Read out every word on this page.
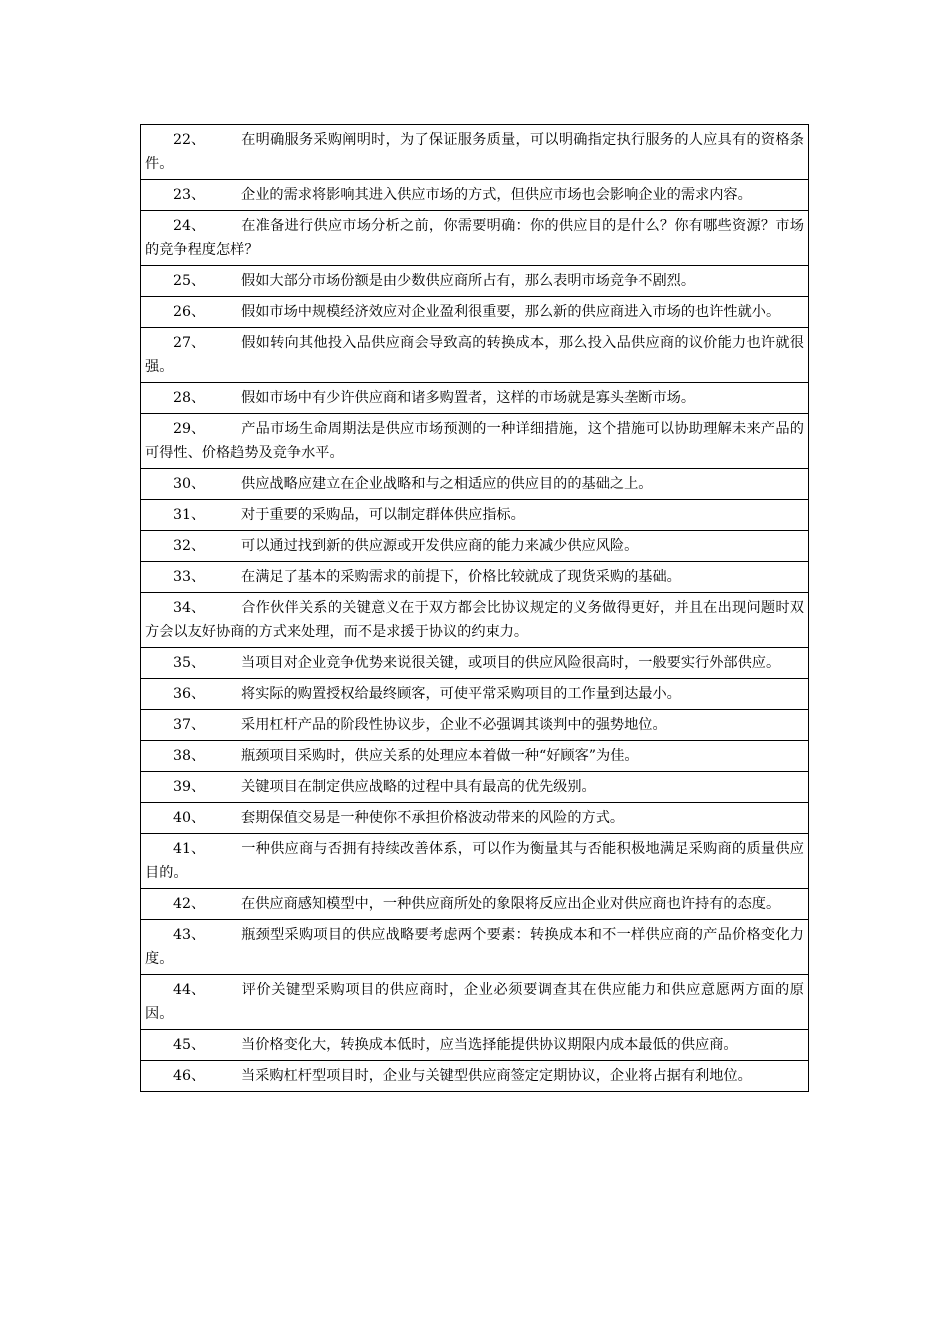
22、	在明确服务采购阐明时，为了保证服务质量，可以明确指定执行服务的人应具有的资格条件。
23、	企业的需求将影响其进入供应市场的方式，但供应市场也会影响企业的需求内容。
24、	在准备进行供应市场分析之前，你需要明确：你的供应目的是什么？你有哪些资源？市场的竞争程度怎样？
25、	假如大部分市场份额是由少数供应商所占有，那么表明市场竞争不剧烈。
26、	假如市场中规模经济效应对企业盈利很重要，那么新的供应商进入市场的也许性就小。
27、	假如转向其他投入品供应商会导致高的转换成本，那么投入品供应商的议价能力也许就很强。
28、	假如市场中有少许供应商和诸多购置者，这样的市场就是寡头垄断市场。
29、	产品市场生命周期法是供应市场预测的一种详细措施，这个措施可以协助理解未来产品的可得性、价格趋势及竞争水平。
30、	供应战略应建立在企业战略和与之相适应的供应目的的基础之上。
31、	对于重要的采购品，可以制定群体供应指标。
32、	可以通过找到新的供应源或开发供应商的能力来减少供应风险。
33、	在满足了基本的采购需求的前提下，价格比较就成了现货采购的基础。
34、	合作伙伴关系的关键意义在于双方都会比协议规定的义务做得更好，并且在出现问题时双方会以友好协商的方式来处理，而不是求援于协议的约束力。
35、	当项目对企业竞争优势来说很关键，或项目的供应风险很高时，一般要实行外部供应。
36、	将实际的购置授权给最终顾客，可使平常采购项目的工作量到达最小。
37、	采用杠杆产品的阶段性协议步，企业不必强调其谈判中的强势地位。
38、	瓶颈项目采购时，供应关系的处理应本着做一种“好顾客”为佳。
39、	关键项目在制定供应战略的过程中具有最高的优先级别。
40、	套期保值交易是一种使你不承担价格波动带来的风险的方式。
41、	一种供应商与否拥有持续改善体系，可以作为衡量其与否能积极地满足采购商的质量供应目的。
42、	在供应商感知模型中，一种供应商所处的象限将反应出企业对供应商也许持有的态度。
43、	瓶颈型采购项目的供应战略要考虑两个要素：转换成本和不一样供应商的产品价格变化力度。
44、	评价关键型采购项目的供应商时，企业必须要调查其在供应能力和供应意愿两方面的原因。
45、	当价格变化大，转换成本低时，应当选择能提供协议期限内成本最低的供应商。
46、	当采购杠杆型项目时，企业与关键型供应商签定定期协议，企业将占据有利地位。
